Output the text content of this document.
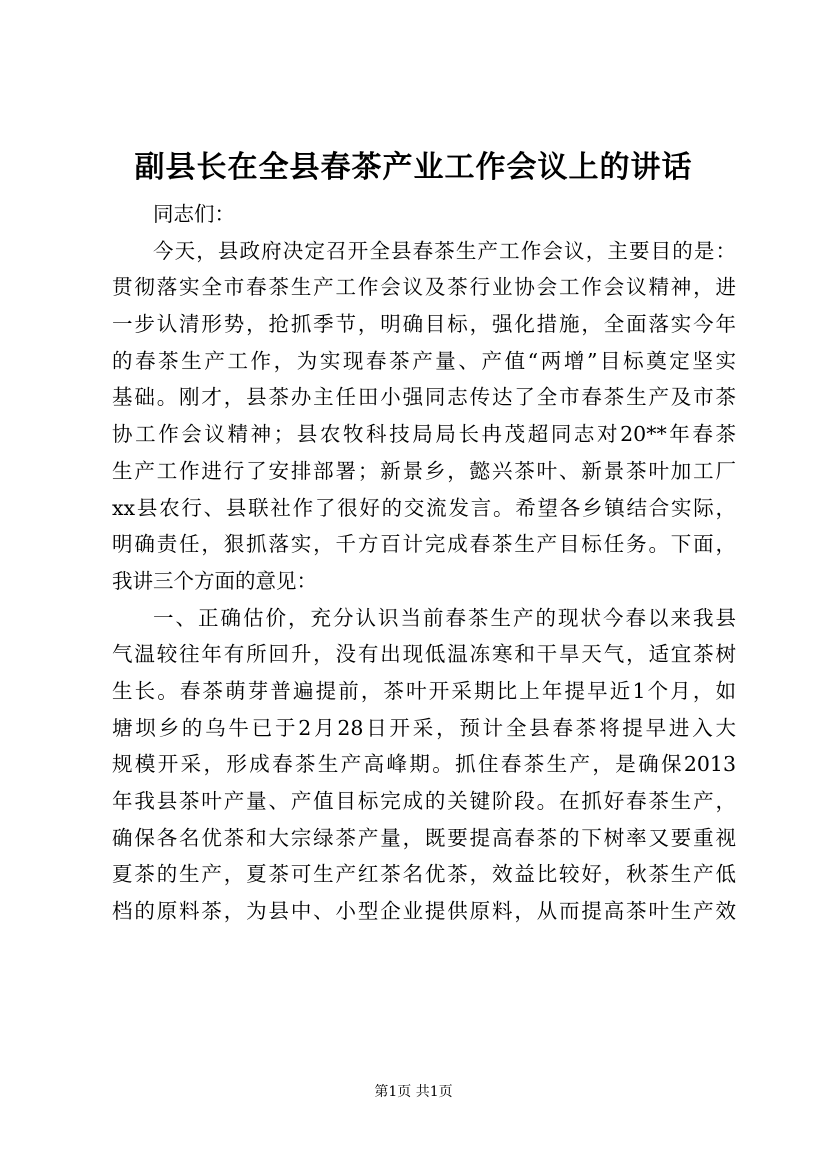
副县长在全县春茶产业工作会议上的讲话
同志们：
今天，县政府决定召开全县春茶生产工作会议，主要目的是：
贯彻落实全市春茶生产工作会议及茶行业协会工作会议精神，进
一步认清形势，抢抓季节，明确目标，强化措施，全面落实今年
的春茶生产工作，为实现春茶产量、产值“两增”目标奠定坚实
基础。刚才，县茶办主任田小强同志传达了全市春茶生产及市茶
协工作会议精神；县农牧科技局局长冉茂超同志对20**年春茶
生产工作进行了安排部署；新景乡，懿兴茶叶、新景茶叶加工厂
xx县农行、县联社作了很好的交流发言。希望各乡镇结合实际，
明确责任，狠抓落实，千方百计完成春茶生产目标任务。下面，
我讲三个方面的意见：
一、正确估价，充分认识当前春茶生产的现状今春以来我县
气温较往年有所回升，没有出现低温冻寒和干旱天气，适宜茶树
生长。春茶萌芽普遍提前，茶叶开采期比上年提早近1个月，如
塘坝乡的乌牛已于2月28日开采，预计全县春茶将提早进入大
规模开采，形成春茶生产高峰期。抓住春茶生产，是确保2013
年我县茶叶产量、产值目标完成的关键阶段。在抓好春茶生产，
确保各名优茶和大宗绿茶产量，既要提高春茶的下树率又要重视
夏茶的生产，夏茶可生产红茶名优茶，效益比较好，秋茶生产低
档的原料茶，为县中、小型企业提供原料，从而提高茶叶生产效
第1页 共1页
